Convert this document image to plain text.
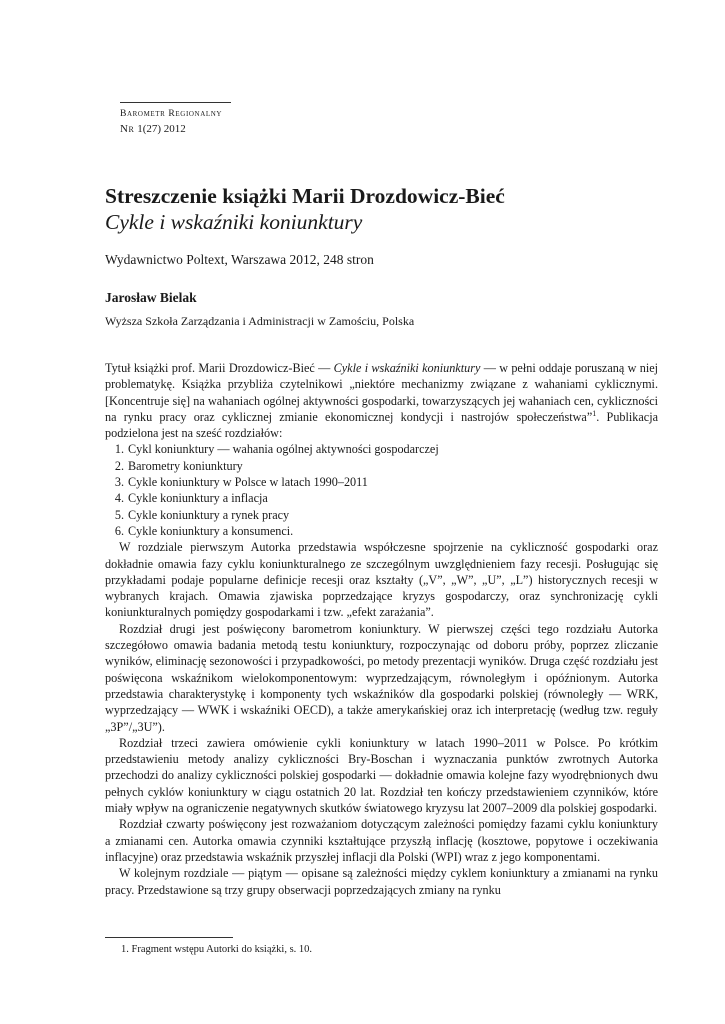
Barometr Regionalny
Nr 1(27) 2012
Streszczenie książki Marii Drozdowicz-Bieć
Cykle i wskaźniki koniunktury
Wydawnictwo Poltext, Warszawa 2012, 248 stron
Jarosław Bielak
Wyższa Szkoła Zarządzania i Administracji w Zamościu, Polska

Tytuł książki prof. Marii Drozdowicz-Bieć — Cykle i wskaźniki koniunktury — w pełni oddaje poruszaną w niej problematykę. Książka przybliża czytelnikowi „niektóre mechanizmy związane z wahaniami cyklicznymi. [Koncentruje się] na wahaniach ogólnej aktywności gospodarki, towarzyszących jej wahaniach cen, cykliczności na rynku pracy oraz cyklicznej zmianie ekonomicznej kondycji i nastrojów społeczeństwa”$^1$. Publikacja podzielona jest na sześć rozdziałów:

1. Cykl koniunktury — wahania ogólnej aktywności gospodarczej
2. Barometry koniunktury
3. Cykle koniunktury w Polsce w latach 1990–2011
4. Cykle koniunktury a inflacja
5. Cykle koniunktury a rynek pracy
6. Cykle koniunktury a konsumenci.

W rozdziale pierwszym Autorka przedstawia współczesne spojrzenie na cykliczność gospodarki oraz dokładnie omawia fazy cyklu koniunkturalnego ze szczególnym uwzględnieniem fazy recesji. Posługując się przykładami podaje popularne definicje recesji oraz kształty („V”, „W”, „U”, „L”) historycznych recesji w wybranych krajach. Omawia zjawiska poprzedzające kryzys gospodarczy, oraz synchronizację cykli koniunkturalnych pomiędzy gospodarkami i tzw. „efekt zarażania”.

Rozdział drugi jest poświęcony barometrom koniunktury. W pierwszej części tego rozdziału Autorka szczegółowo omawia badania metodą testu koniunktury, rozpoczynając od doboru próby, poprzez zliczanie wyników, eliminację sezonowości i przypadkowości, po metody prezentacji wyników. Druga część rozdziału jest poświęcona wskaźnikom wielokomponentowym: wyprzedzającym, równoległym i opóźnionym. Autorka przedstawia charakterystykę i komponenty tych wskaźników dla gospodarki polskiej (równoległy — WRK, wyprzedzający — WWK i wskaźniki OECD), a także amerykańskiej oraz ich interpretację (według tzw. reguły „3P”/„3U”).

Rozdział trzeci zawiera omówienie cykli koniunktury w latach 1990–2011 w Polsce. Po krótkim przedstawieniu metody analizy cykliczności Bry-Boschan i wyznaczania punktów zwrotnych Autorka przechodzi do analizy cykliczności polskiej gospodarki — dokładnie omawia kolejne fazy wyodrębnionych dwu pełnych cyklów koniunktury w ciągu ostatnich 20 lat. Rozdział ten kończy przedstawieniem czynników, które miały wpływ na ograniczenie negatywnych skutków światowego kryzysu lat 2007–2009 dla polskiej gospodarki.

Rozdział czwarty poświęcony jest rozważaniom dotyczącym zależności pomiędzy fazami cyklu koniunktury a zmianami cen. Autorka omawia czynniki kształtujące przyszłą inflację (kosztowe, popytowe i oczekiwania inflacyjne) oraz przedstawia wskaźnik przyszłej inflacji dla Polski (WPI) wraz z jego komponentami.

W kolejnym rozdziale — piątym — opisane są zależności między cyklem koniunktury a zmianami na rynku pracy. Przedstawione są trzy grupy obserwacji poprzedzających zmiany na rynku

1. Fragment wstępu Autorki do książki, s. 10.
